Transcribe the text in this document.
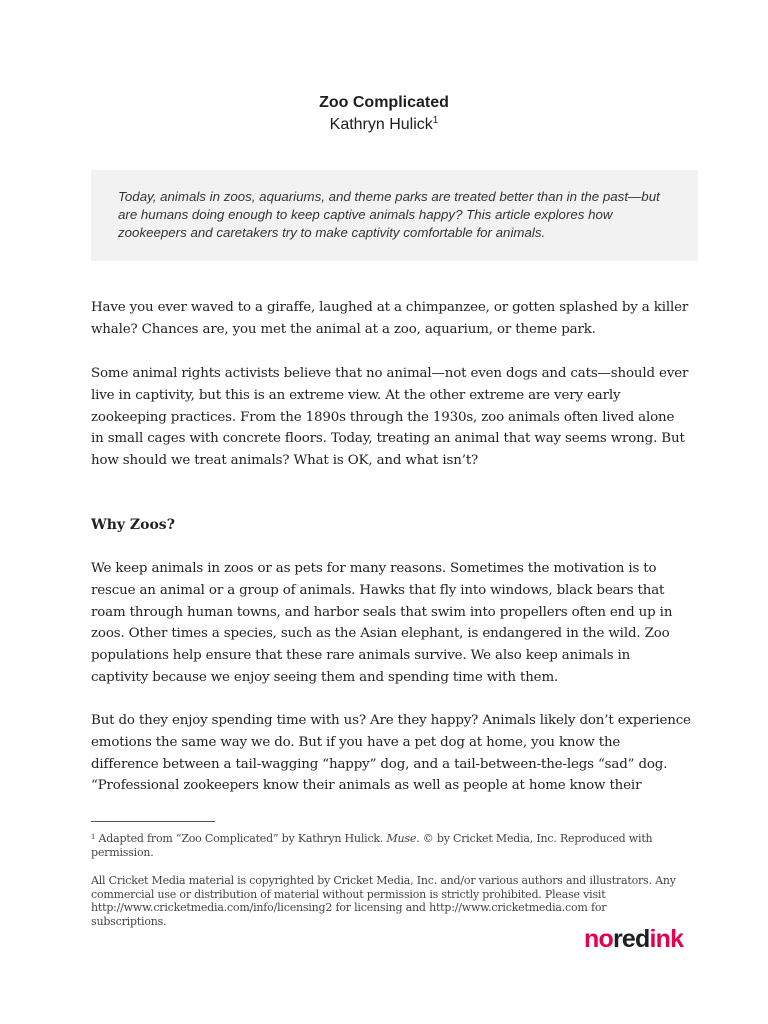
Zoo Complicated
Kathryn Hulick$^1$
Today, animals in zoos, aquariums, and theme parks are treated better than in the past—but are humans doing enough to keep captive animals happy? This article explores how zookeepers and caretakers try to make captivity comfortable for animals.
Have you ever waved to a giraffe, laughed at a chimpanzee, or gotten splashed by a killer whale? Chances are, you met the animal at a zoo, aquarium, or theme park.
Some animal rights activists believe that no animal—not even dogs and cats—should ever live in captivity, but this is an extreme view. At the other extreme are very early zookeeping practices. From the 1890s through the 1930s, zoo animals often lived alone in small cages with concrete floors. Today, treating an animal that way seems wrong. But how should we treat animals? What is OK, and what isn’t?
Why Zoos?
We keep animals in zoos or as pets for many reasons. Sometimes the motivation is to rescue an animal or a group of animals. Hawks that fly into windows, black bears that roam through human towns, and harbor seals that swim into propellers often end up in zoos. Other times a species, such as the Asian elephant, is endangered in the wild. Zoo populations help ensure that these rare animals survive. We also keep animals in captivity because we enjoy seeing them and spending time with them.
But do they enjoy spending time with us? Are they happy? Animals likely don’t experience emotions the same way we do. But if you have a pet dog at home, you know the difference between a tail-wagging “happy” dog, and a tail-between-the-legs “sad” dog. “Professional zookeepers know their animals as well as people at home know their
$^1$ Adapted from “Zoo Complicated” by Kathryn Hulick. Muse. © by Cricket Media, Inc. Reproduced with permission.
All Cricket Media material is copyrighted by Cricket Media, Inc. and/or various authors and illustrators. Any commercial use or distribution of material without permission is strictly prohibited. Please visit http://www.cricketmedia.com/info/licensing2 for licensing and http://www.cricketmedia.com for subscriptions.
noredink
